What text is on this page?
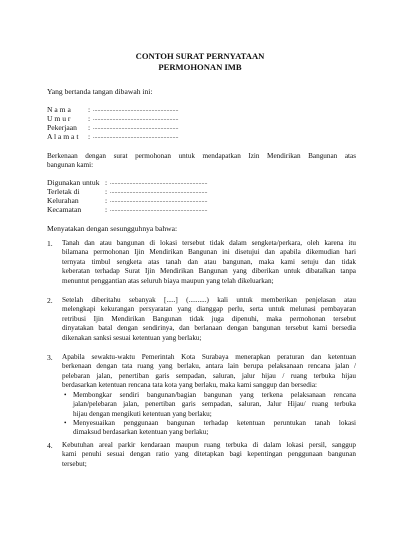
CONTOH SURAT PERNYATAAN
PERMOHONAN IMB
Yang bertanda tangan dibawah ini:
N a m a : .........................................................
U m u r : .........................................................
Pekerjaan : .........................................................
A l a m a t : .........................................................
Berkenaan dengan surat permohonan untuk mendapatkan Izin Mendirikan Bangunan atas
bangunan kami:
Digunakan untuk : .................................................................
Terletak di	: .................................................................
Kelurahan	: .................................................................
Kecamatan	: .................................................................
Menyatakan dengan sesungguhnya bahwa:
1. Tanah dan atau bangunan di lokasi tersebut tidak dalam sengketa/perkara, oleh karena itu
bilamana permohonan Ijin Mendirikan Bangunan ini disetujui dan apabila dikemudian hari
ternyata timbul sengketa atas tanah dan atau bangunan, maka kami setuju dan tidak
keberatan terhadap Surat Ijin Mendirikan Bangunan yang diberikan untuk dibatalkan tanpa
menuntut penggantian atas seluruh biaya maupun yang telah dikeluarkan;
2. Setelah diberitahu sebanyak [.....] (..........) kali untuk memberikan penjelasan atau
melengkapi kekurangan persyaratan yang dianggap perlu, serta untuk melunasi pembayaran
retribusi Ijin Mendirikan Bangunan tidak juga dipenuhi, maka permohonan tersebut
dinyatakan batal dengan sendirinya, dan berlanaan dengan bangunan tersebut kami bersedia
dikenakan sanksi sesuai ketentuan yang berlaku;
3. Apabila sewaktu-waktu Pemerintah Kota Surabaya menerapkan peraturan dan ketentuan
berkenaan dengan tata ruang yang berlaku, antara lain berupa pelaksanaan rencana jalan /
pelebaran jalan, penertiban garis sempadan, saluran, jalur hijau / ruang terbuka hijau
berdasarkan ketentuan rencana tata kota yang berlaku, maka kami sanggup dan bersedia:
• Membongkar sendiri bangunan/bagian bangunan yang terkena pelaksanaan rencana
jalan/pelebaran jalan, penertiban garis sempadan, saluran, Jalur Hijau/ ruang terbuka
hijau dengan mengikuti ketentuan yang berlaku;
• Menyesuaikan penggunaan bangunan terhadap ketentuan peruntukan tanah lokasi
dimaksud berdasarkan ketentuan yang berlaku;
4. Kebutuhan areal parkir kendaraan maupun ruang terbuka di dalam lokasi persil, sanggup
kami penuhi sesuai dengan ratio yang ditetapkan bagi kepentingan penggunaan bangunan
tersebut;
